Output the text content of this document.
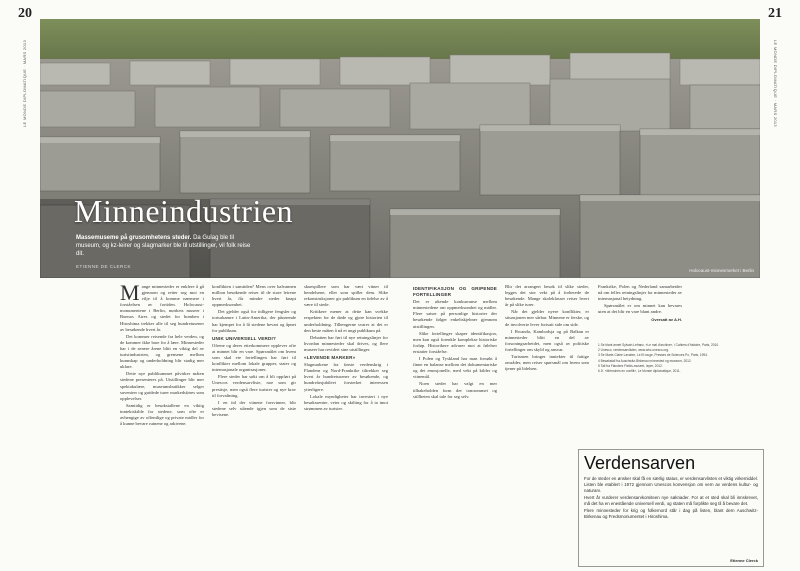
20	21
LE MONDE DIPLOMATIQUE · MARS 2013	LE MONDE DIPLOMATIQUE · MARS 2013
Minneindustrien
Massemuseme på grusomhetens steder. Da Gulag ble til museum, og kz-leirer og slagmarker ble til utstillinger, vil folk reise dit.
ETIENNE DE CLERCK
Holocaust-minnesmerket i Berlin
M ange minnesteder er enklere å gå gjennom og retter seg mot en vilje til å komme nærmere i forståelsen av fortiden. Holocaust-monumentene i Berlin, mørkets museer i Buenos Aires og stedet for bomben i Hiroshima trekker alle til seg hundretusener av besøkende hvert år.

Det kommer reisende fra hele verden, og de kommer ikke bare for å lære. Minnesteder har i de senere årene blitt en viktig del av turistindustrien, og grensene mellom kunnskap og underholdning blir stadig mer uklare.

Dette nye publikummet påvirker måten stedene presenteres på. Utstillinger blir mer spektakulære, museumsbutikker selger suvenirer og guidede turer markedsføres som opplevelser.

Samtidig er besøkstallene en viktig inntektskilde for stedene, som ofte er avhengige av offentlige og private midler for å kunne bevare ruinene og arkivene.

konflikten i samtiden? Mens over halvannen million besøkende reiser til de store leirene hvert år, får mindre steder knapt oppmerksomhet.

Det gjelder også for tidligere fengsler og torturkamre i Latin-Amerika, der pårørende har kjempet for å få stedene bevart og åpnet for publikum.

UNIK UNIVERSELL VERDI?

Ofrene og deres etterkommere opplever ofte at minnet blir en vare. Spørsmålet om hvem som skal eie fortellingen har ført til konflikter mellom lokale grupper, stater og internasjonale organisasjoner.

Flere steder har søkt om å bli oppført på Unescos verdensarvliste, noe som gir prestisje, men også flere turister og nye krav til forvaltning.

I en tid der vitnene forsvinner, blir stedene selv stående igjen som de siste bevisene.

skuespillere som har vært vitner til hendelsene, eller som spiller dem. Slike rekonstruksjoner gir publikum en følelse av å være til stede.

Kritikere mener at dette kan svekke respekten for de døde og gjøre historien til underholdning. Tilhengerne svarer at det er den beste måten å nå et ungt publikum på.

Debatten har ført til nye retningslinjer for hvordan minnesteder skal drives, og flere museer har revidert sine utstillinger.

«LEVENDE MARKER»

Slagmarkene fra første verdenskrig i Flandern og Nord-Frankrike tiltrekker seg hvert år hundretusener av besøkende, og hundreårsjubileet forsterket interessen ytterligere.

Lokale myndigheter har investert i nye besøkssentre, veier og skilting for å ta imot strømmen av turister.

IDENTIFIKASJON OG GRIPENDE FORTELLINGER

Det er økende konkurranse mellom minnestedene om oppmerksomhet og midler. Flere satser på personlige historier der besøkende følger enkeltskjebner gjennom utstillingen.

Slike fortellinger skaper identifikasjon, men kan også forenkle komplekse historiske forløp. Historikere advarer mot at følelser erstatter forståelse.

I Polen og Tyskland har man forsøkt å finne en balanse mellom det dokumentariske og det emosjonelle, med vekt på kilder og vitnemål.

Noen steder har valgt en mer tilbakeholden form der tomrommet og stillheten skal tale for seg selv.

Blir det arrangert besøk til slike steder, legges det stor vekt på å forberede de besøkende. Mange skoleklasser reiser hvert år på slike turer.

Når det gjelder nyere konflikter, er situasjonen mer sårbar. Minnene er ferske, og de involverte lever fortsatt side om side.

I Rwanda, Kambodsja og på Balkan er minnesteder blitt en del av forsoningsarbeidet, men også av politiske fortellinger om skyld og ansvar.

Turismen bringer inntekter til fattige områder, men reiser spørsmål om hvem som tjener på lidelsen.

Frankrike, Polen og Nederland samarbeider nå om felles retningslinjer for minnesteder av internasjonal betydning.

Spørsmålet er om minnet kan bevares uten at det blir en vare blant andre.

Oversatt av A.H.

1 Se blant annet Sylvain Lefranc, «Le mal d'archive», i Cahiers d'histoire, Paris, 2010.

2 Unesco, verdensarvlisten, www.whc.unesco.org.

3 Se Marie-Claire Lavabre, Le fil rouge, Presses de Sciences Po, Paris, 1994.

4 Besøkstall fra Auschwitz-Birkenau minnested og museum, 2012.

5 Tall fra Flanders Fields-museet, Ieper, 2012.

6 Jf. «Mémoires en conflit», Le Monde diplomatique, 2011.

Verdensarven

For de steder en ønsker skal få en særlig status, er verdensarvlisten et viktig virkemiddel. Listen ble etablert i 1972 gjennom Unescos konvensjon om vern av verdens kultur- og naturarv.

Hvert år vurderer verdensarvkomiteen nye søknader. For at et sted skal bli innskrevet, må det ha en enestående universell verdi, og staten må forplikte seg til å bevare det.

Flere minnesteder for krig og folkemord står i dag på listen, blant dem Auschwitz-Birkenau og Fredsmonumentet i Hiroshima.

Etienne Clerck
